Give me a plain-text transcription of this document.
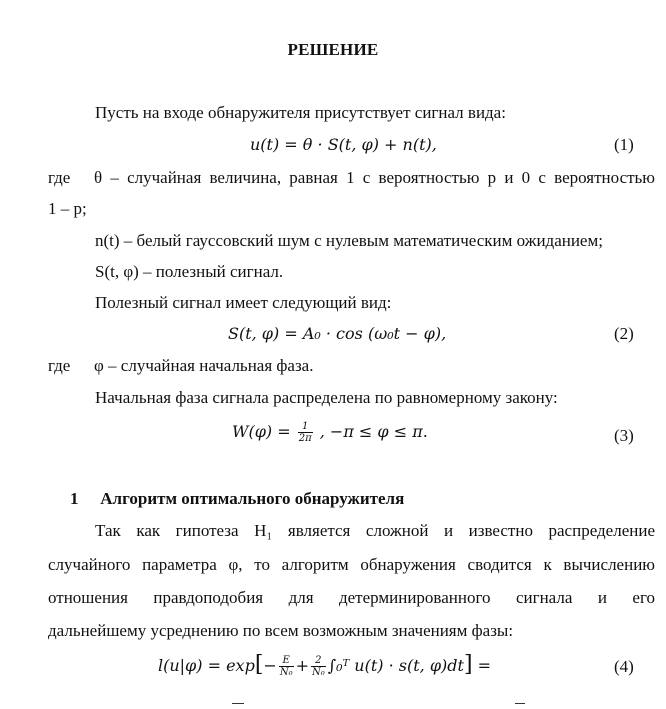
РЕШЕНИЕ
Пусть на входе обнаружителя присутствует сигнал вида:
u(t) = θ · S(t, φ) + n(t),	(1)
где θ – случайная величина, равная 1 с вероятностью p и 0 с вероятностью
1 – p;
n(t) – белый гауссовский шум с нулевым математическим ожиданием;
S(t, φ) – полезный сигнал.
Полезный сигнал имеет следующий вид:
S(t, φ) = A₀ · cos (ω₀t − φ),	(2)
где φ – случайная начальная фаза.
Начальная фаза сигнала распределена по равномерному закону:
$W(\varphi) = \frac{1}{2\pi}$ , −π ≤ φ ≤ π.	(3)
1 Алгоритм оптимального обнаружителя
Так как гипотеза H₁ является сложной и известно распределение
случайного параметра φ, то алгоритм обнаружения сводится к вычислению
отношения правдоподобия для детерминированного сигнала и его
дальнейшему усреднению по всем возможным значениям фазы:
$l(u|\varphi) = \exp[- \frac{E}{\text{N₀}} + \frac{2}{\text{N₀}}$ ∫₀ᵀ u(t) · s(t, φ)dt] =	(4)
